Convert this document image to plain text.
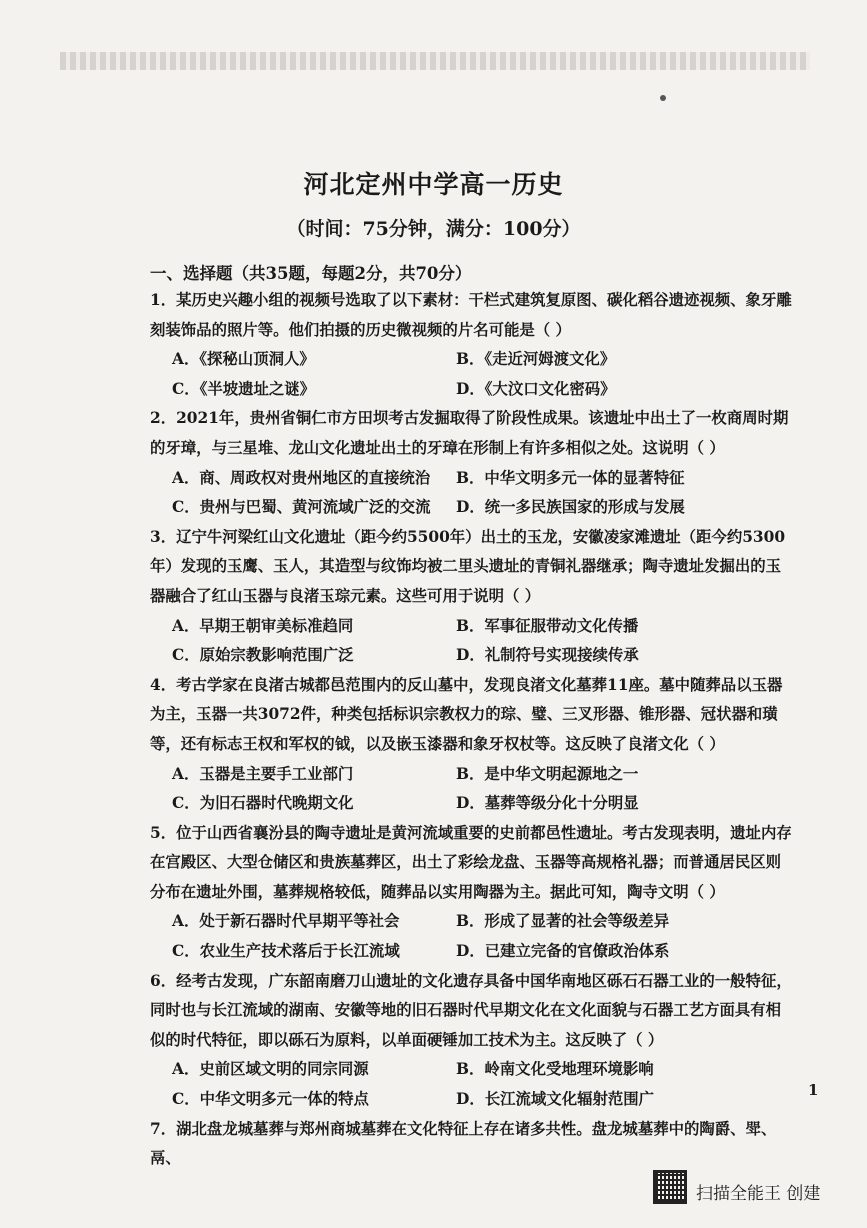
河北定州中学高一历史
（时间：75分钟，满分：100分）
一、选择题（共35题，每题2分，共70分）
1．某历史兴趣小组的视频号选取了以下素材：干栏式建筑复原图、碳化稻谷遗迹视频、象牙雕刻装饰品的照片等。他们拍摄的历史微视频的片名可能是（ ）
A．《探秘山顶洞人》	B．《走近河姆渡文化》
C．《半坡遗址之谜》	D．《大汶口文化密码》
2．2021年，贵州省铜仁市方田坝考古发掘取得了阶段性成果。该遗址中出土了一枚商周时期的牙璋，与三星堆、龙山文化遗址出土的牙璋在形制上有许多相似之处。这说明（ ）
A．商、周政权对贵州地区的直接统治	B．中华文明多元一体的显著特征
C．贵州与巴蜀、黄河流域广泛的交流	D．统一多民族国家的形成与发展
3．辽宁牛河梁红山文化遗址（距今约5500年）出土的玉龙，安徽凌家滩遗址（距今约5300年）发现的玉鹰、玉人，其造型与纹饰均被二里头遗址的青铜礼器继承；陶寺遗址发掘出的玉器融合了红山玉器与良渚玉琮元素。这些可用于说明（ ）
A．早期王朝审美标准趋同	B．军事征服带动文化传播
C．原始宗教影响范围广泛	D．礼制符号实现接续传承
4．考古学家在良渚古城都邑范围内的反山墓中，发现良渚文化墓葬11座。墓中随葬品以玉器为主，玉器一共3072件，种类包括标识宗教权力的琮、璧、三叉形器、锥形器、冠状器和璜等，还有标志王权和军权的钺，以及嵌玉漆器和象牙权杖等。这反映了良渚文化（ ）
A．玉器是主要手工业部门	B．是中华文明起源地之一
C．为旧石器时代晚期文化	D．墓葬等级分化十分明显
5．位于山西省襄汾县的陶寺遗址是黄河流域重要的史前都邑性遗址。考古发现表明，遗址内存在宫殿区、大型仓储区和贵族墓葬区，出土了彩绘龙盘、玉器等高规格礼器；而普通居民区则分布在遗址外围，墓葬规格较低，随葬品以实用陶器为主。据此可知，陶寺文明（ ）
A．处于新石器时代早期平等社会	B．形成了显著的社会等级差异
C．农业生产技术落后于长江流域	D．已建立完备的官僚政治体系
6．经考古发现，广东韶南磨刀山遗址的文化遗存具备中国华南地区砾石石器工业的一般特征，同时也与长江流域的湖南、安徽等地的旧石器时代早期文化在文化面貌与石器工艺方面具有相似的时代特征，即以砾石为原料，以单面硬锤加工技术为主。这反映了（ ）
A．史前区域文明的同宗同源	B．岭南文化受地理环境影响
C．中华文明多元一体的特点	D．长江流域文化辐射范围广
7．湖北盘龙城墓葬与郑州商城墓葬在文化特征上存在诸多共性。盘龙城墓葬中的陶爵、斝、鬲、
1
扫描全能王 创建
